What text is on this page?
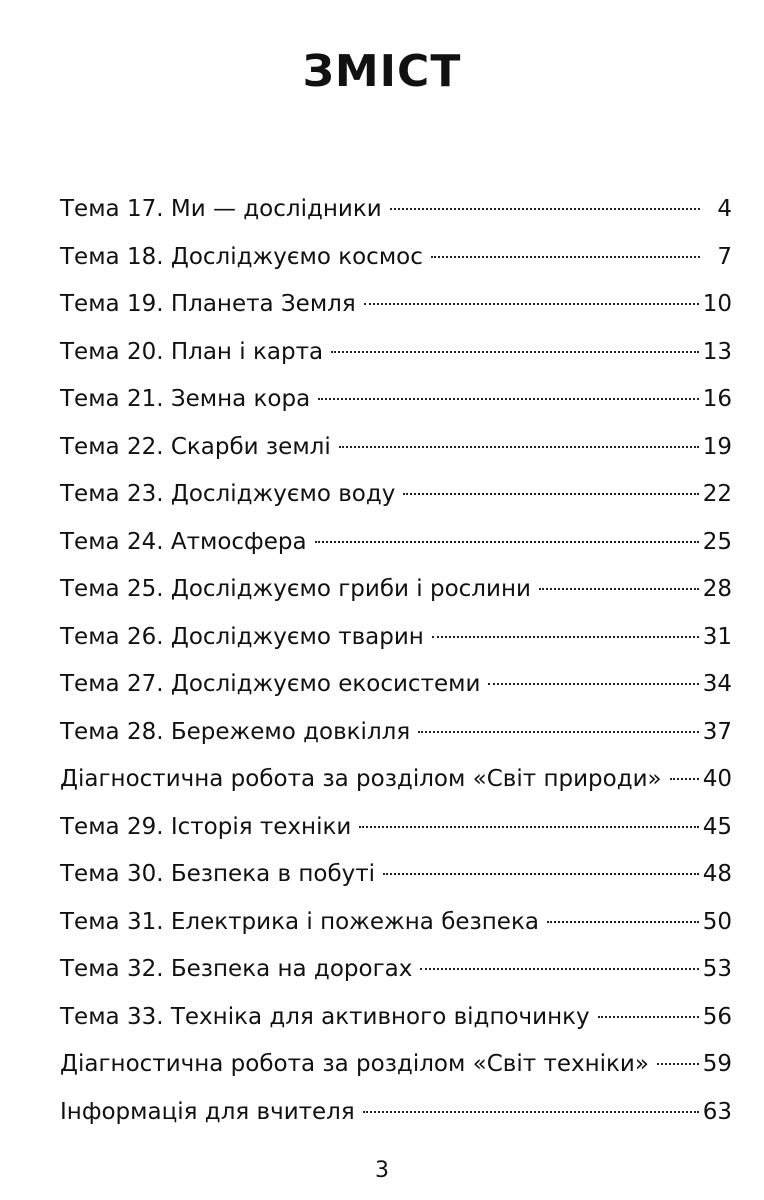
ЗМІСТ
Тема 17. Ми — дослідники	4
Тема 18. Досліджуємо космос	7
Тема 19. Планета Земля	10
Тема 20. План і карта	13
Тема 21. Земна кора	16
Тема 22. Скарби землі	19
Тема 23. Досліджуємо воду	22
Тема 24. Атмосфера	25
Тема 25. Досліджуємо гриби і рослини	28
Тема 26. Досліджуємо тварин	31
Тема 27. Досліджуємо екосистеми	34
Тема 28. Бережемо довкілля	37
Діагностична робота за розділом «Світ природи» 40
Тема 29. Історія техніки	45
Тема 30. Безпека в побуті	48
Тема 31. Електрика і пожежна безпека	50
Тема 32. Безпека на дорогах	53
Тема 33. Техніка для активного відпочинку	56
Діагностична робота за розділом «Світ техніки» 59
Інформація для вчителя	63
3
